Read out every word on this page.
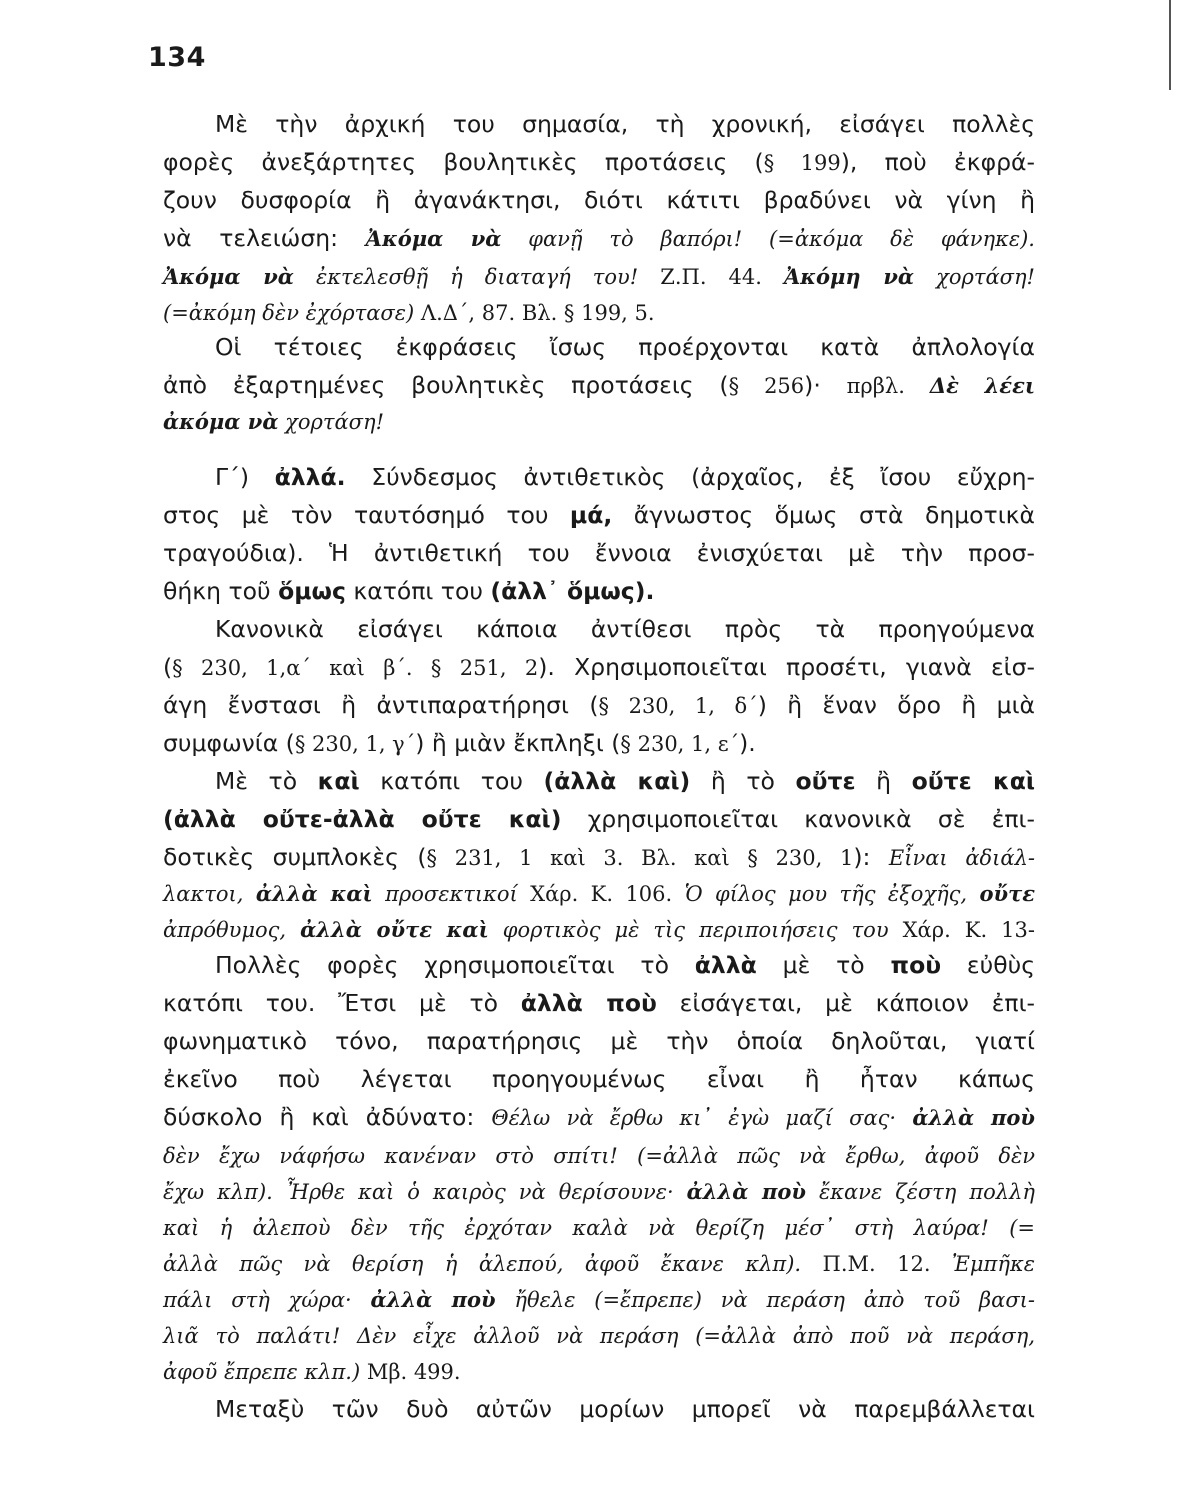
134
Μὲ τὴν ἀρχική του σημασία, τὴ χρονική, εἰσάγει πολλὲς
φορὲς ἀνεξάρτητες βουλητικὲς προτάσεις (§ 199), ποὺ ἐκφρά-
ζουν δυσφορία ἢ ἀγανάκτησι, διότι κάτιτι βραδύνει νὰ γίνη ἢ
νὰ τελειώση: Ἀκόμα νὰ φανῇ τὸ βαπόρι! (=ἀκόμα δὲ φάνηκε).
Ἀκόμα νὰ ἐκτελεσθῇ ἡ διαταγή του! Ζ.Π. 44. Ἀκόμη νὰ χορτάση!
(=ἀκόμη δὲν ἐχόρτασε) Λ.Δ΄, 87. Βλ. § 199, 5.
Οἱ τέτοιες ἐκφράσεις ἴσως προέρχονται κατὰ ἀπλολογία
ἀπὸ ἐξαρτημένες βουλητικὲς προτάσεις (§ 256)· πρβλ. Δὲ λέει
ἀκόμα νὰ χορτάση!
Γ΄) ἀλλά. Σύνδεσμος ἀντιθετικὸς (ἀρχαῖος, ἐξ ἴσου εὔχρη-
στος μὲ τὸν ταυτόσημό του μά, ἄγνωστος ὅμως στὰ δημοτικὰ
τραγούδια). Ἡ ἀντιθετική του ἔννοια ἐνισχύεται μὲ τὴν προσ-
θήκη τοῦ ὅμως κατόπι του (ἀλλ᾿ ὅμως).
Κανονικὰ εἰσάγει κάποια ἀντίθεσι πρὸς τὰ προηγούμενα
(§ 230, 1,α΄ καὶ β΄. § 251, 2). Χρησιμοποιεῖται προσέτι, γιανὰ εἰσ-
άγη ἔνστασι ἢ ἀντιπαρατήρησι (§ 230, 1, δ΄) ἢ ἕναν ὅρο ἢ μιὰ
συμφωνία (§ 230, 1, γ΄) ἢ μιὰν ἔκπληξι (§ 230, 1, ε΄).
Μὲ τὸ καὶ κατόπι του (ἀλλὰ καὶ) ἢ τὸ οὔτε ἢ οὔτε καὶ
(ἀλλὰ οὔτε-ἀλλὰ οὔτε καὶ) χρησιμοποιεῖται κανονικὰ σὲ ἐπι-
δοτικὲς συμπλοκὲς (§ 231, 1 καὶ 3. Βλ. καὶ § 230, 1): Εἶναι ἀδιάλ-
λακτοι, ἀλλὰ καὶ προσεκτικοί Χάρ. Κ. 106. Ὁ φίλος μου τῆς ἐξοχῆς, οὔτε
ἀπρόθυμος, ἀλλὰ οὔτε καὶ φορτικὸς μὲ τὶς περιποιήσεις του Χάρ. Κ. 13-
Πολλὲς φορὲς χρησιμοποιεῖται τὸ ἀλλὰ μὲ τὸ ποὺ εὐθὺς
κατόπι του. Ἔτσι μὲ τὸ ἀλλὰ ποὺ εἰσάγεται, μὲ κάποιον ἐπι-
φωνηματικὸ τόνο, παρατήρησις μὲ τὴν ὁποία δηλοῦται, γιατί
ἐκεῖνο ποὺ λέγεται προηγουμένως εἶναι ἢ ἦταν κάπως
δύσκολο ἢ καὶ ἀδύνατο: Θέλω νὰ ἔρθω κι᾿ ἐγὼ μαζί σας· ἀλλὰ ποὺ
δὲν ἔχω νάφήσω κανέναν στὸ σπίτι! (=ἀλλὰ πῶς νὰ ἔρθω, ἀφοῦ δὲν
ἔχω κλπ). Ἦρθε καὶ ὁ καιρὸς νὰ θερίσουνε· ἀλλὰ ποὺ ἔκανε ζέστη πολλὴ
καὶ ἡ ἀλεποὺ δὲν τῆς ἐρχόταν καλὰ νὰ θερίζη μέσ᾿ στὴ λαύρα! (=
ἀλλὰ πῶς νὰ θερίση ἡ ἀλεπού, ἀφοῦ ἔκανε κλπ). Π.Μ. 12. Ἐμπῆκε
πάλι στὴ χώρα· ἀλλὰ ποὺ ἤθελε (=ἔπρεπε) νὰ περάση ἀπὸ τοῦ βασι-
λιᾶ τὸ παλάτι! Δὲν εἶχε ἀλλοῦ νὰ περάση (=ἀλλὰ ἀπὸ ποῦ νὰ περάση,
ἀφοῦ ἔπρεπε κλπ.) Μβ. 499.
Μεταξὺ τῶν δυὸ αὐτῶν μορίων μπορεῖ νὰ παρεμβάλλεται
